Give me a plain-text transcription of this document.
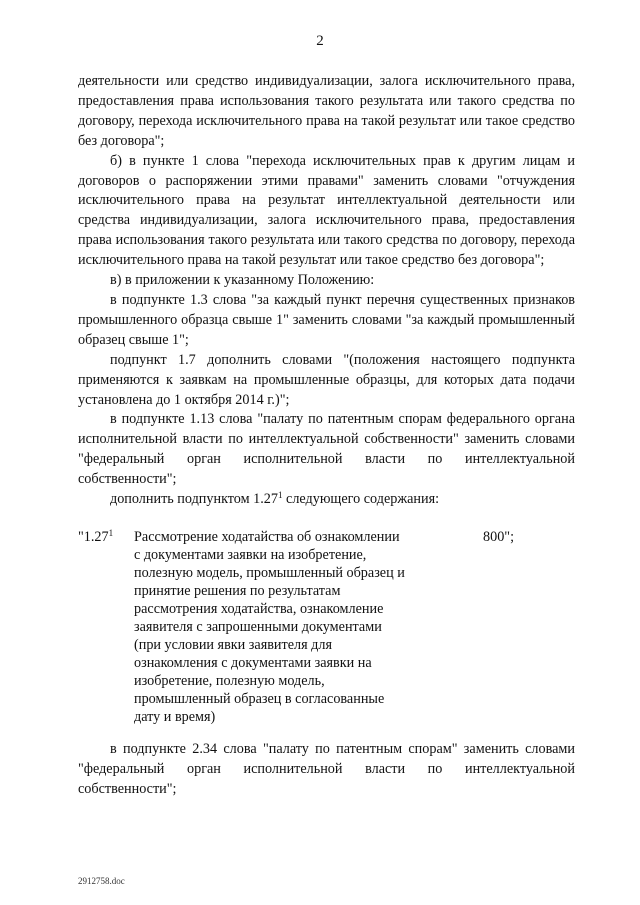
2

деятельности или средство индивидуализации, залога исключительного права, предоставления права использования такого результата или такого средства по договору, перехода исключительного права на такой результат или такое средство без договора";

б) в пункте 1 слова "перехода исключительных прав к другим лицам и договоров о распоряжении этими правами" заменить словами "отчуждения исключительного права на результат интеллектуальной деятельности или средства индивидуализации, залога исключительного права, предоставления права использования такого результата или такого средства по договору, перехода исключительного права на такой результат или такое средство без договора";

в) в приложении к указанному Положению:

в подпункте 1.3 слова "за каждый пункт перечня существенных признаков промышленного образца свыше 1" заменить словами "за каждый промышленный образец свыше 1";

подпункт 1.7 дополнить словами "(положения настоящего подпункта применяются к заявкам на промышленные образцы, для которых дата подачи установлена до 1 октября 2014 г.)";

в подпункте 1.13 слова "палату по патентным спорам федерального органа исполнительной власти по интеллектуальной собственности" заменить словами "федеральный орган исполнительной власти по интеллектуальной собственности";

дополнить подпунктом 1.27$^1$ следующего содержания:

"1.27$^1$ Рассмотрение ходатайства об ознакомлении
с документами заявки на изобретение,
полезную модель, промышленный образец и
принятие решения по результатам
рассмотрения ходатайства, ознакомление
заявителя с запрошенными документами
(при условии явки заявителя для
ознакомления с документами заявки на
изобретение, полезную модель,
промышленный образец в согласованные
дату и время)
800";

в подпункте 2.34 слова "палату по патентным спорам" заменить словами "федеральный орган исполнительной власти по интеллектуальной собственности";

2912758.doc
